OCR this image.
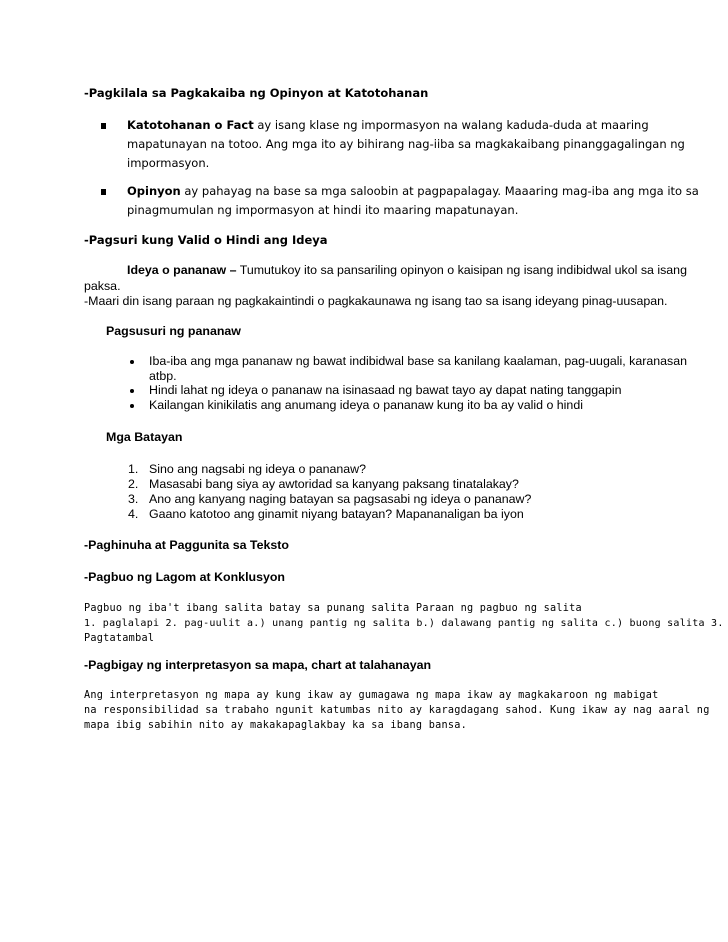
-Pagkilala sa Pagkakaiba ng Opinyon at Katotohanan
Katotohanan o Fact ay isang klase ng impormasyon na walang kaduda-duda at maaring
mapatunayan na totoo. Ang mga ito ay bihirang nag-iiba sa magkakaibang pinanggagalingan ng
impormasyon.
Opinyon ay pahayag na base sa mga saloobin at pagpapalagay. Maaaring mag-iba ang mga ito sa
pinagmumulan ng impormasyon at hindi ito maaring mapatunayan.
-Pagsuri kung Valid o Hindi ang Ideya
Ideya o pananaw – Tumutukoy ito sa pansariling opinyon o kaisipan ng isang indibidwal ukol sa isang
paksa.
-Maari din isang paraan ng pagkakaintindi o pagkakaunawa ng isang tao sa isang ideyang pinag-uusapan.
Pagsusuri ng pananaw
Iba-iba ang mga pananaw ng bawat indibidwal base sa kanilang kaalaman, pag-uugali, karanasan
atbp.
Hindi lahat ng ideya o pananaw na isinasaad ng bawat tayo ay dapat nating tanggapin
Kailangan kinikilatis ang anumang ideya o pananaw kung ito ba ay valid o hindi
Mga Batayan
1. Sino ang nagsabi ng ideya o pananaw?
2. Masasabi bang siya ay awtoridad sa kanyang paksang tinatalakay?
3. Ano ang kanyang naging batayan sa pagsasabi ng ideya o pananaw?
4. Gaano katotoo ang ginamit niyang batayan? Mapananaligan ba iyon
-Paghinuha at Paggunita sa Teksto
-Pagbuo ng Lagom at Konklusyon
Pagbuo ng iba't ibang salita batay sa punang salita Paraan ng pagbuo ng salita
1. paglalapi 2. pag-uulit a.) unang pantig ng salita b.) dalawang pantig ng salita c.) buong salita 3.
Pagtatambal
-Pagbigay ng interpretasyon sa mapa, chart at talahanayan
Ang interpretasyon ng mapa ay kung ikaw ay gumagawa ng mapa ikaw ay magkakaroon ng mabigat
na responsibilidad sa trabaho ngunit katumbas nito ay karagdagang sahod. Kung ikaw ay nag aaral ng
mapa ibig sabihin nito ay makakapaglakbay ka sa ibang bansa.
